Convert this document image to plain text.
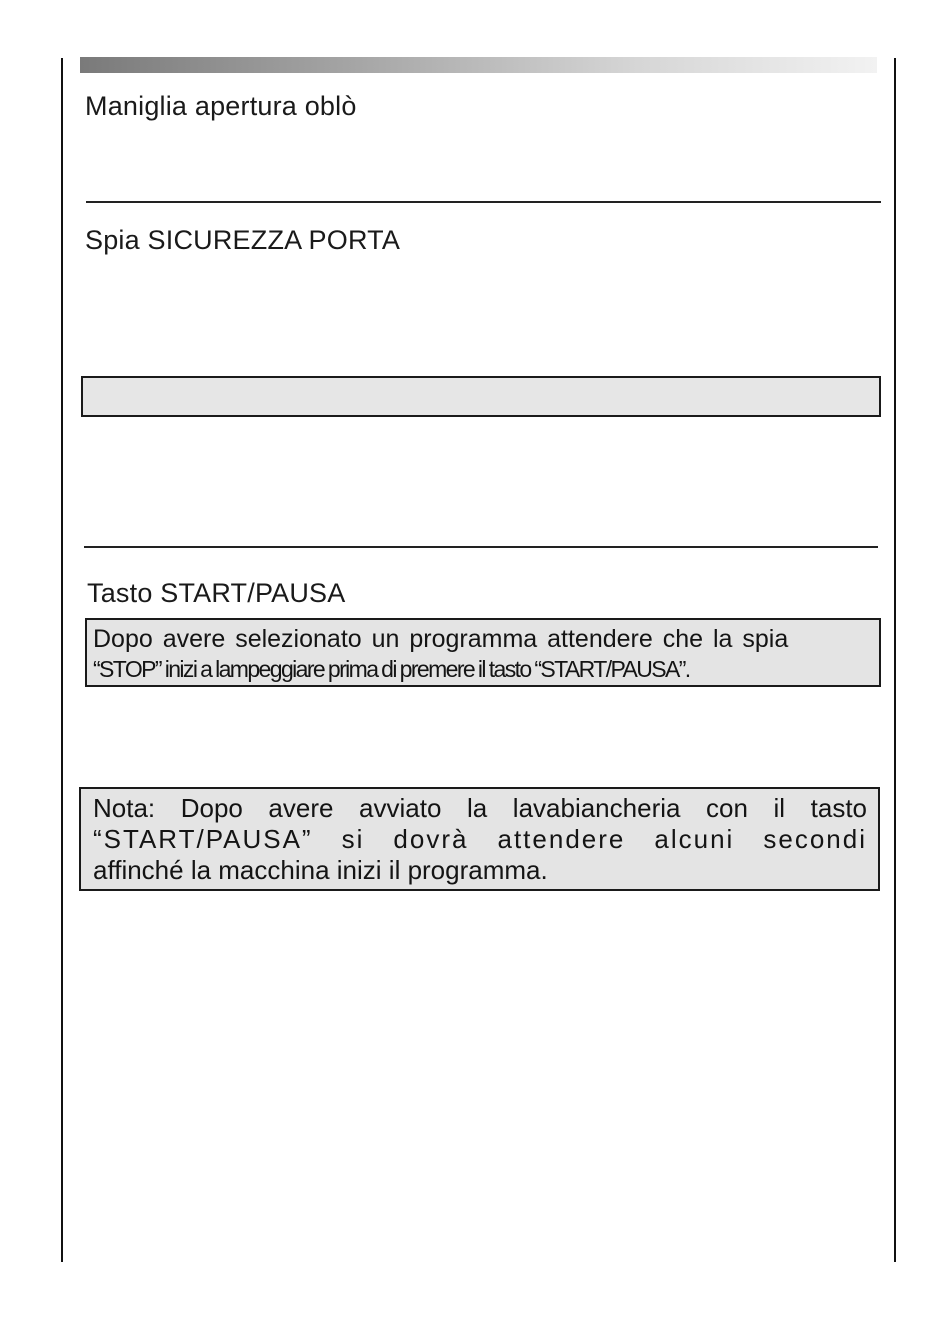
Maniglia apertura oblò
Spia SICUREZZA PORTA
Tasto START/PAUSA
Dopo avere selezionato un programma attendere che la spia
“STOP” inizi a lampeggiare prima di premere il tasto “START/PAUSA”.
Nota: Dopo avere avviato la lavabiancheria con il tasto
“START/PAUSA” si dovrà attendere alcuni secondi
affinché la macchina inizi il programma.
